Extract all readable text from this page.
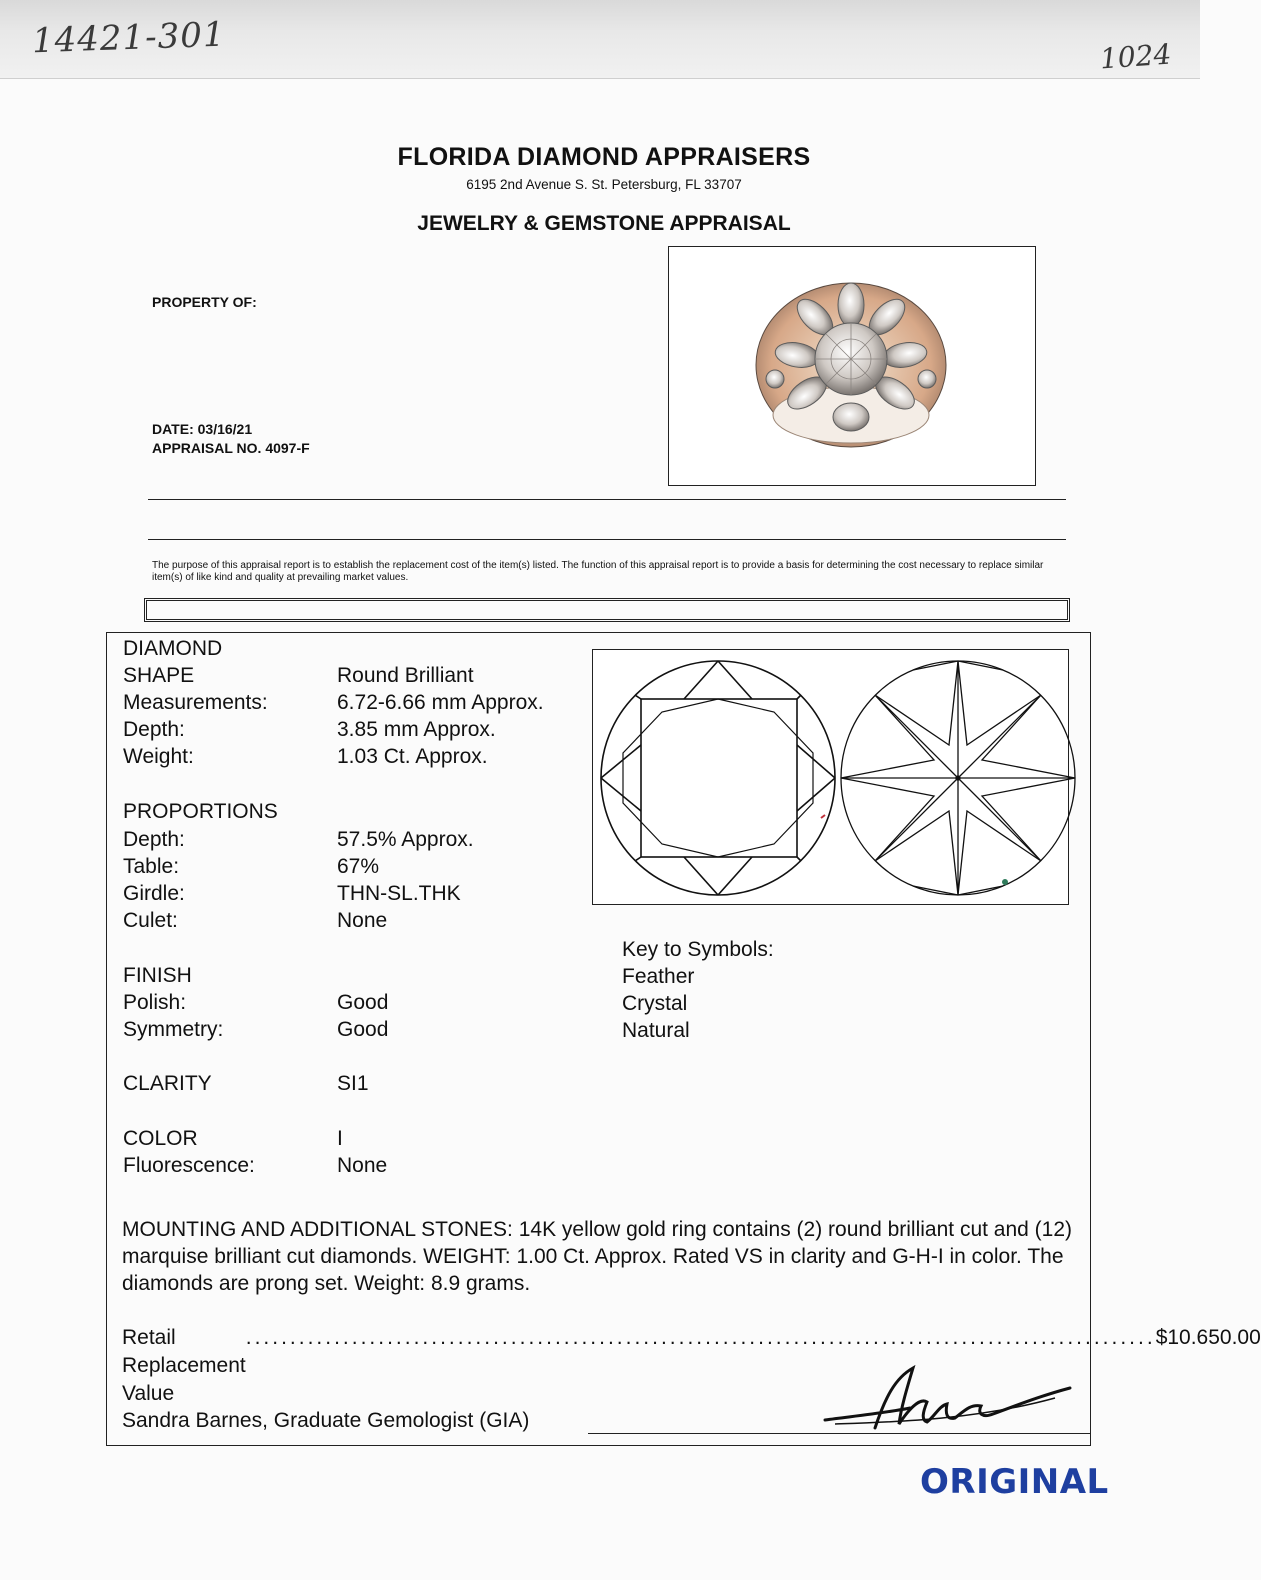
14421-301	1024
FLORIDA DIAMOND APPRAISERS
6195 2nd Avenue S. St. Petersburg, FL 33707
JEWELRY & GEMSTONE APPRAISAL
PROPERTY OF:
DATE: 03/16/21
APPRAISAL NO. 4097-F
The purpose of this appraisal report is to establish the replacement cost of the item(s) listed. The function of this appraisal report is to provide a basis for determining the cost necessary to replace similar item(s) of like kind and quality at prevailing market values.
DIAMOND
SHAPE	Round Brilliant
Measurements:	6.72-6.66 mm Approx.
Depth:	3.85 mm Approx.
Weight:	1.03 Ct. Approx.
PROPORTIONS
Depth:	57.5% Approx.
Table:	67%
Girdle:	THN-SL.THK
Culet:	None
FINISH
Polish:	Good
Symmetry:	Good
CLARITY	SI1
COLOR	I
Fluorescence:	None
Key to Symbols:
Feather
Crystal
Natural
MOUNTING AND ADDITIONAL STONES: 14K yellow gold ring contains (2) round brilliant cut and (12) marquise brilliant cut diamonds. WEIGHT: 1.00 Ct. Approx. Rated VS in clarity and G-H-I in color. The diamonds are prong set. Weight: 8.9 grams.
Retail Replacement Value
....................................................................................................... $10.650.00
Sandra Barnes, Graduate Gemologist (GIA)
ORIGINAL
